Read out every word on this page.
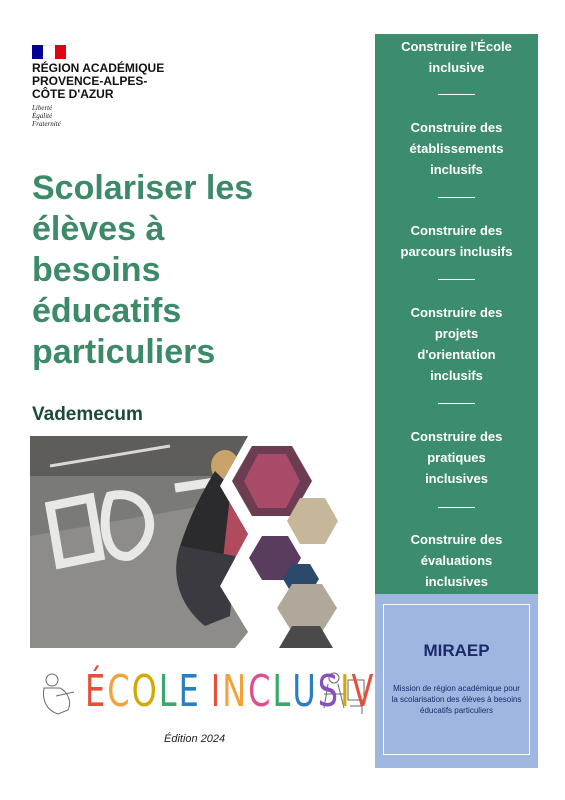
RÉGION ACADÉMIQUE
PROVENCE-ALPES-
CÔTE D'AZUR
Liberté
Égalité
Fraternité
Scolariser les
élèves à
besoins
éducatifs
particuliers
Vademecum
ÉCOLE INCLUSIV
Édition 2024
Construire l'École
inclusive
Construire des
établissements
inclusifs
Construire des
parcours inclusifs
Construire des
projets
d'orientation
inclusifs
Construire des
pratiques
inclusives
Construire des
évaluations
inclusives
MIRAEP
Mission de région académique pour la scolarisation des élèves à besoins éducatifs particuliers
